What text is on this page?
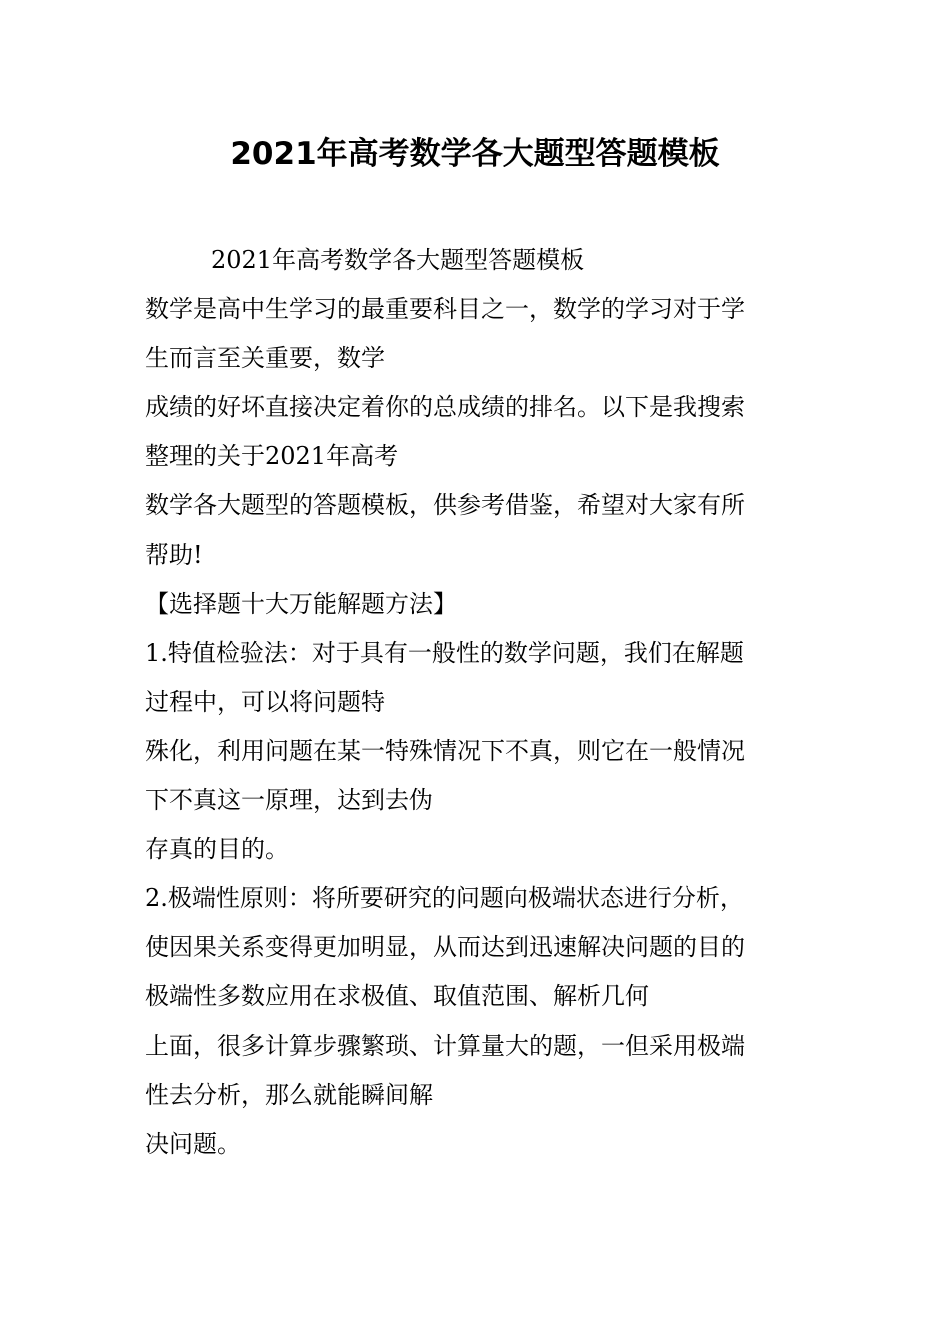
2021年高考数学各大题型答题模板
2021年高考数学各大题型答题模板
数学是高中生学习的最重要科目之一，数学的学习对于学
生而言至关重要，数学
成绩的好坏直接决定着你的总成绩的排名。以下是我搜索
整理的关于2021年高考
数学各大题型的答题模板，供参考借鉴，希望对大家有所
帮助!
【选择题十大万能解题方法】
1.特值检验法：对于具有一般性的数学问题，我们在解题
过程中，可以将问题特
殊化，利用问题在某一特殊情况下不真，则它在一般情况
下不真这一原理，达到去伪
存真的目的。
2.极端性原则：将所要研究的问题向极端状态进行分析，
使因果关系变得更加明显，从而达到迅速解决问题的目的
极端性多数应用在求极值、取值范围、解析几何
上面，很多计算步骤繁琐、计算量大的题，一但采用极端
性去分析，那么就能瞬间解
决问题。
